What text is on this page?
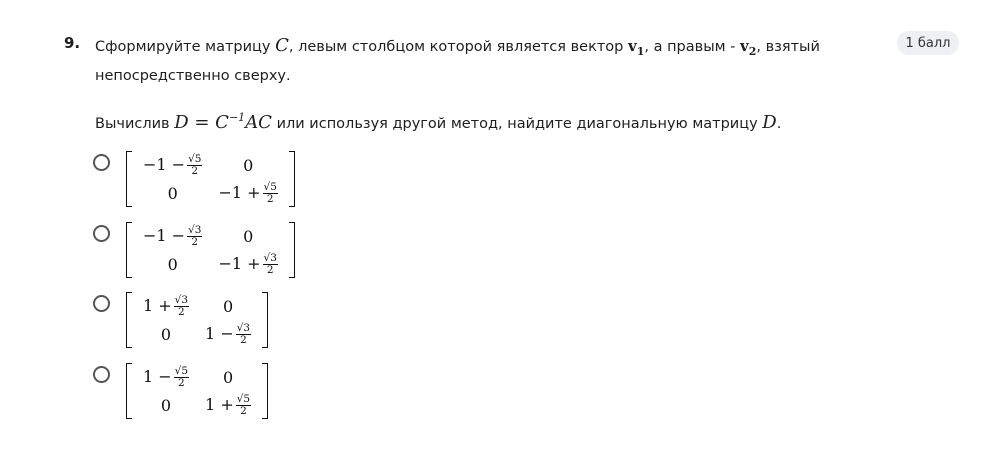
9.	1 балл

Сформируйте матрицу C, левым столбцом которой является вектор $v_1$, а правым - $v_2$, взятый непосредственно сверху.

Вычислив $D = C^{-1}AC$ или используя другой метод, найдите диагональную матрицу D.

$-1 - \frac{√5}{2}$	0
0	$-1 + \frac{√5}{2}$
$-1 - \frac{√3}{2}$	0
0	$-1 + \frac{√3}{2}$
$1 + \frac{√3}{2}$	0
0	$1 - \frac{√3}{2}$
$1 - \frac{√5}{2}$	0
0	$1 + \frac{√5}{2}$
